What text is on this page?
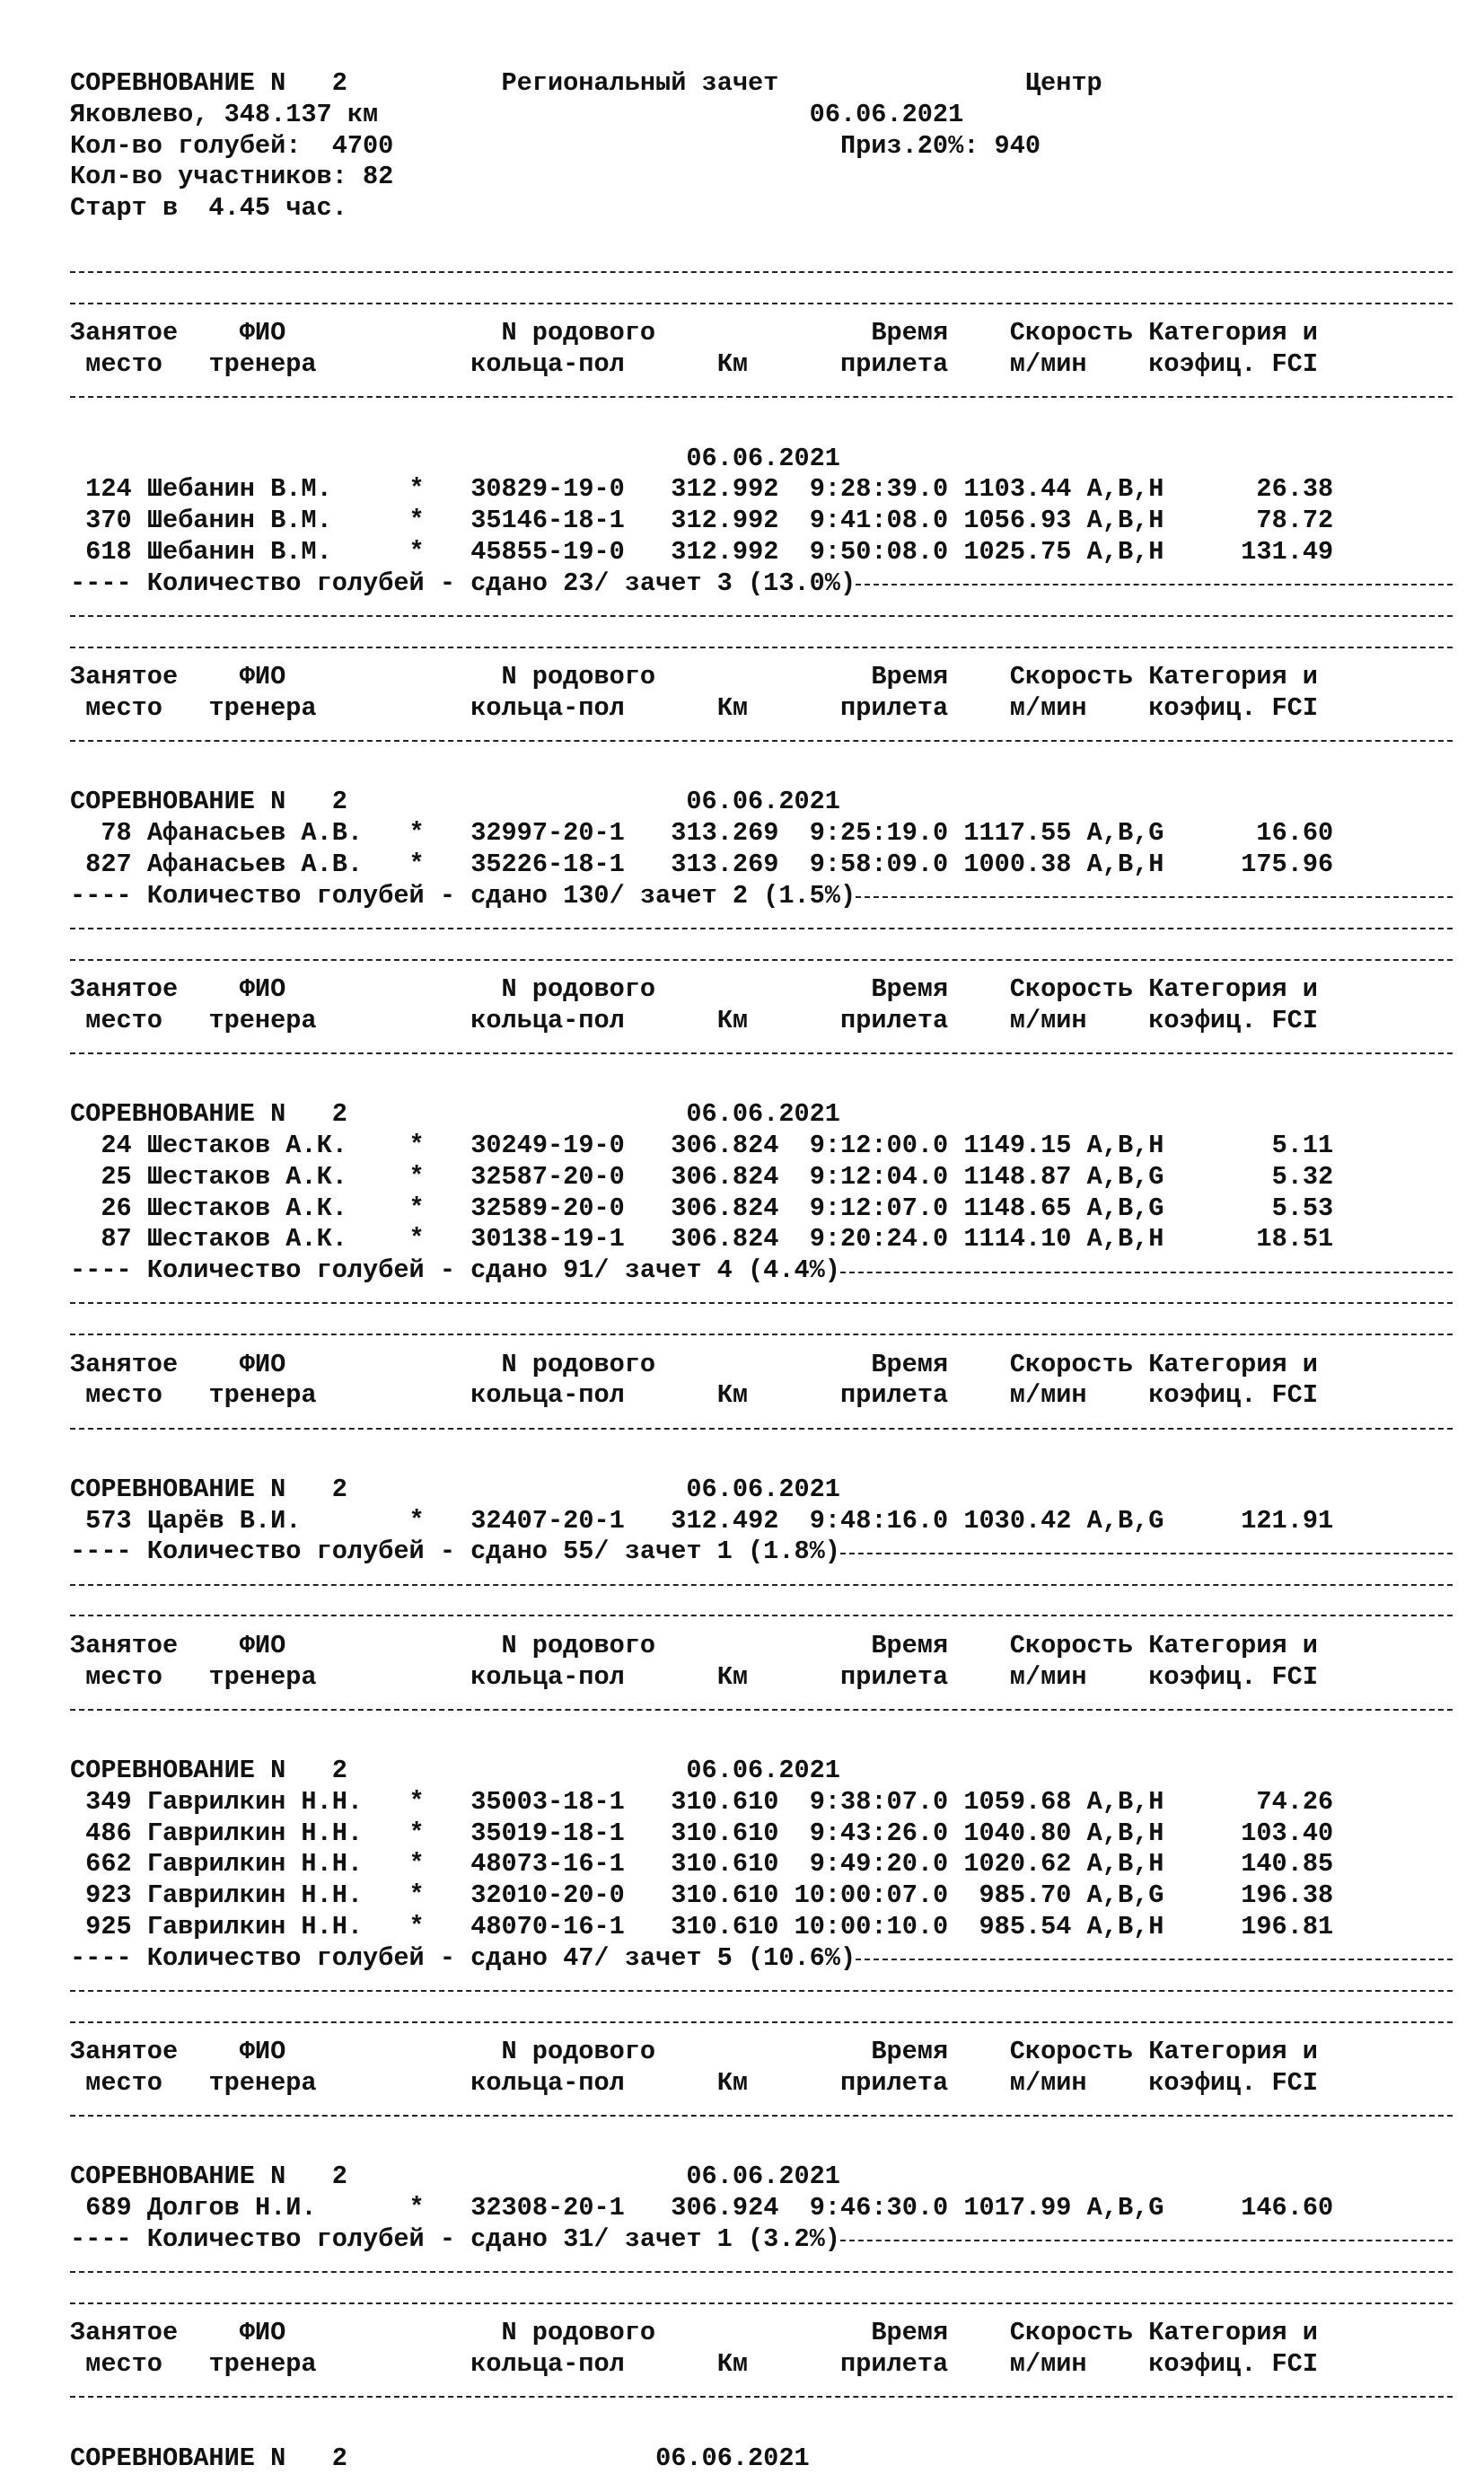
СОРЕВНОВАНИЕ N   2	Региональный зачет	Центр
Яковлево, 348.137 км	06.06.2021
Кол-во голубей:  4700	Приз.20%: 940
Кол-во участников: 82
Старт в  4.45 час.

Занятое ФИО	N родового	Время Скорость Категория и
место тренера	кольца-пол	Км	прилета м/мин коэфиц. FCI

06.06.2021
124 Шебанин В.М.	* 30829-19-0 312.992 9:28:39.0 1103.44 A,B,H	26.38
370 Шебанин В.М.	* 35146-18-1 312.992 9:41:08.0 1056.93 A,B,H	78.72
618 Шебанин В.М.	* 45855-19-0 312.992 9:50:08.0 1025.75 A,B,H	131.49
---- Количество голубей - сдано 23/ зачет 3 (13.0%)
Занятое ФИО	N родового	Время Скорость Категория и
место тренера	кольца-пол	Км	прилета м/мин коэфиц. FCI

СОРЕВНОВАНИЕ N   2	06.06.2021
78 Афанасьев А.В. * 32997-20-1 313.269 9:25:19.0 1117.55 A,B,G	16.60
827 Афанасьев А.В. * 35226-18-1 313.269 9:58:09.0 1000.38 A,B,H	175.96
---- Количество голубей - сдано 130/ зачет 2 (1.5%)
Занятое ФИО	N родового	Время Скорость Категория и
место тренера	кольца-пол	Км	прилета м/мин коэфиц. FCI

СОРЕВНОВАНИЕ N   2	06.06.2021
24 Шестаков А.К. * 30249-19-0 306.824 9:12:00.0 1149.15 A,B,H	5.11
25 Шестаков А.К. * 32587-20-0 306.824 9:12:04.0 1148.87 A,B,G	5.32
26 Шестаков А.К. * 32589-20-0 306.824 9:12:07.0 1148.65 A,B,G	5.53
87 Шестаков А.К. * 30138-19-1 306.824 9:20:24.0 1114.10 A,B,H	18.51
---- Количество голубей - сдано 91/ зачет 4 (4.4%)
Занятое ФИО	N родового	Время Скорость Категория и
место тренера	кольца-пол	Км	прилета м/мин коэфиц. FCI

СОРЕВНОВАНИЕ N   2	06.06.2021
573 Царёв В.И.	* 32407-20-1 312.492 9:48:16.0 1030.42 A,B,G	121.91
---- Количество голубей - сдано 55/ зачет 1 (1.8%)
Занятое ФИО	N родового	Время Скорость Категория и
место тренера	кольца-пол	Км	прилета м/мин коэфиц. FCI

СОРЕВНОВАНИЕ N   2	06.06.2021
349 Гаврилкин Н.Н. * 35003-18-1 310.610 9:38:07.0 1059.68 A,B,H	74.26
486 Гаврилкин Н.Н. * 35019-18-1 310.610 9:43:26.0 1040.80 A,B,H	103.40
662 Гаврилкин Н.Н. * 48073-16-1 310.610 9:49:20.0 1020.62 A,B,H	140.85
923 Гаврилкин Н.Н. * 32010-20-0 310.610 10:00:07.0 985.70 A,B,G	196.38
925 Гаврилкин Н.Н. * 48070-16-1 310.610 10:00:10.0 985.54 A,B,H	196.81
---- Количество голубей - сдано 47/ зачет 5 (10.6%)
Занятое ФИО	N родового	Время Скорость Категория и
место тренера	кольца-пол	Км	прилета м/мин коэфиц. FCI

СОРЕВНОВАНИЕ N   2	06.06.2021
689 Долгов Н.И.	* 32308-20-1 306.924 9:46:30.0 1017.99 A,B,G	146.60
---- Количество голубей - сдано 31/ зачет 1 (3.2%)
Занятое ФИО	N родового	Время Скорость Категория и
место тренера	кольца-пол	Км	прилета м/мин коэфиц. FCI

СОРЕВНОВАНИЕ N   2	06.06.2021
